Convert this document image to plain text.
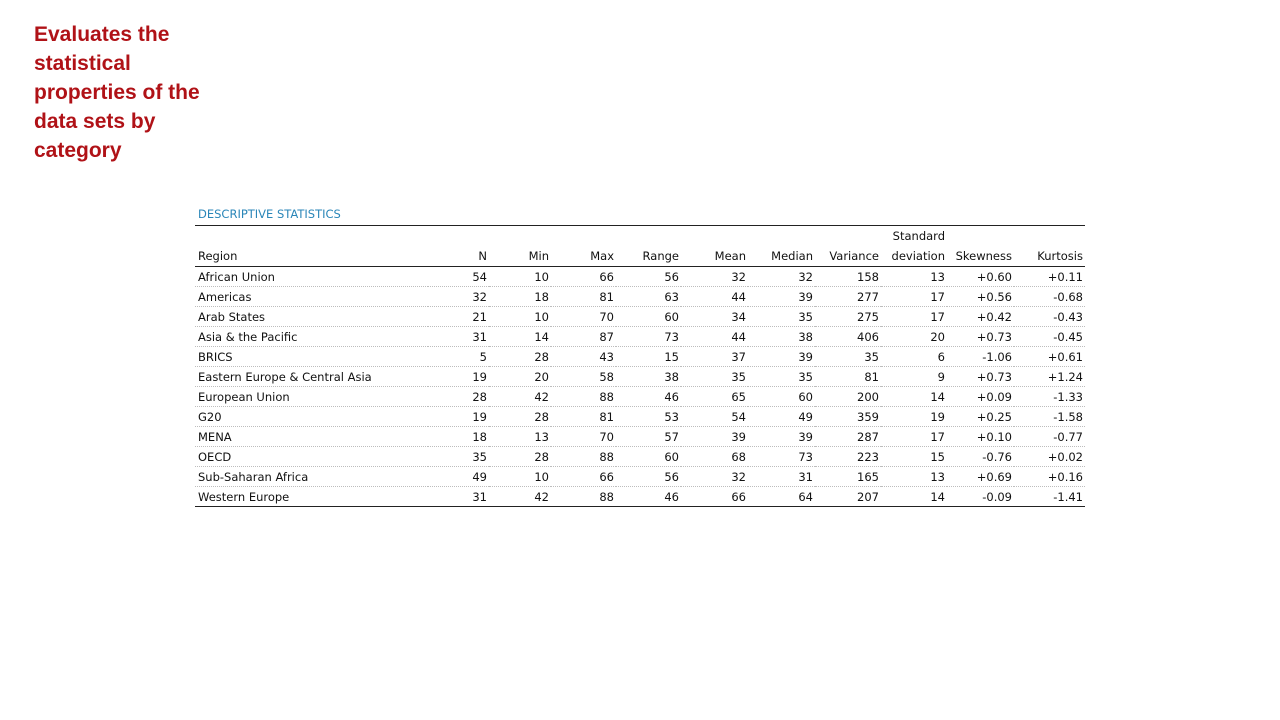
Evaluates the statistical properties of the data sets by category
DESCRIPTIVE STATISTICS
								Standard		
Region	N	Min	Max	Range	Mean	Median	Variance	deviation	Skewness	Kurtosis
African Union	54	10	66	56	32	32	158	13	+0.60	+0.11
Americas	32	18	81	63	44	39	277	17	+0.56	-0.68
Arab States	21	10	70	60	34	35	275	17	+0.42	-0.43
Asia & the Pacific	31	14	87	73	44	38	406	20	+0.73	-0.45
BRICS	5	28	43	15	37	39	35	6	-1.06	+0.61
Eastern Europe & Central Asia	19	20	58	38	35	35	81	9	+0.73	+1.24
European Union	28	42	88	46	65	60	200	14	+0.09	-1.33
G20	19	28	81	53	54	49	359	19	+0.25	-1.58
MENA	18	13	70	57	39	39	287	17	+0.10	-0.77
OECD	35	28	88	60	68	73	223	15	-0.76	+0.02
Sub-Saharan Africa	49	10	66	56	32	31	165	13	+0.69	+0.16
Western Europe	31	42	88	46	66	64	207	14	-0.09	-1.41
